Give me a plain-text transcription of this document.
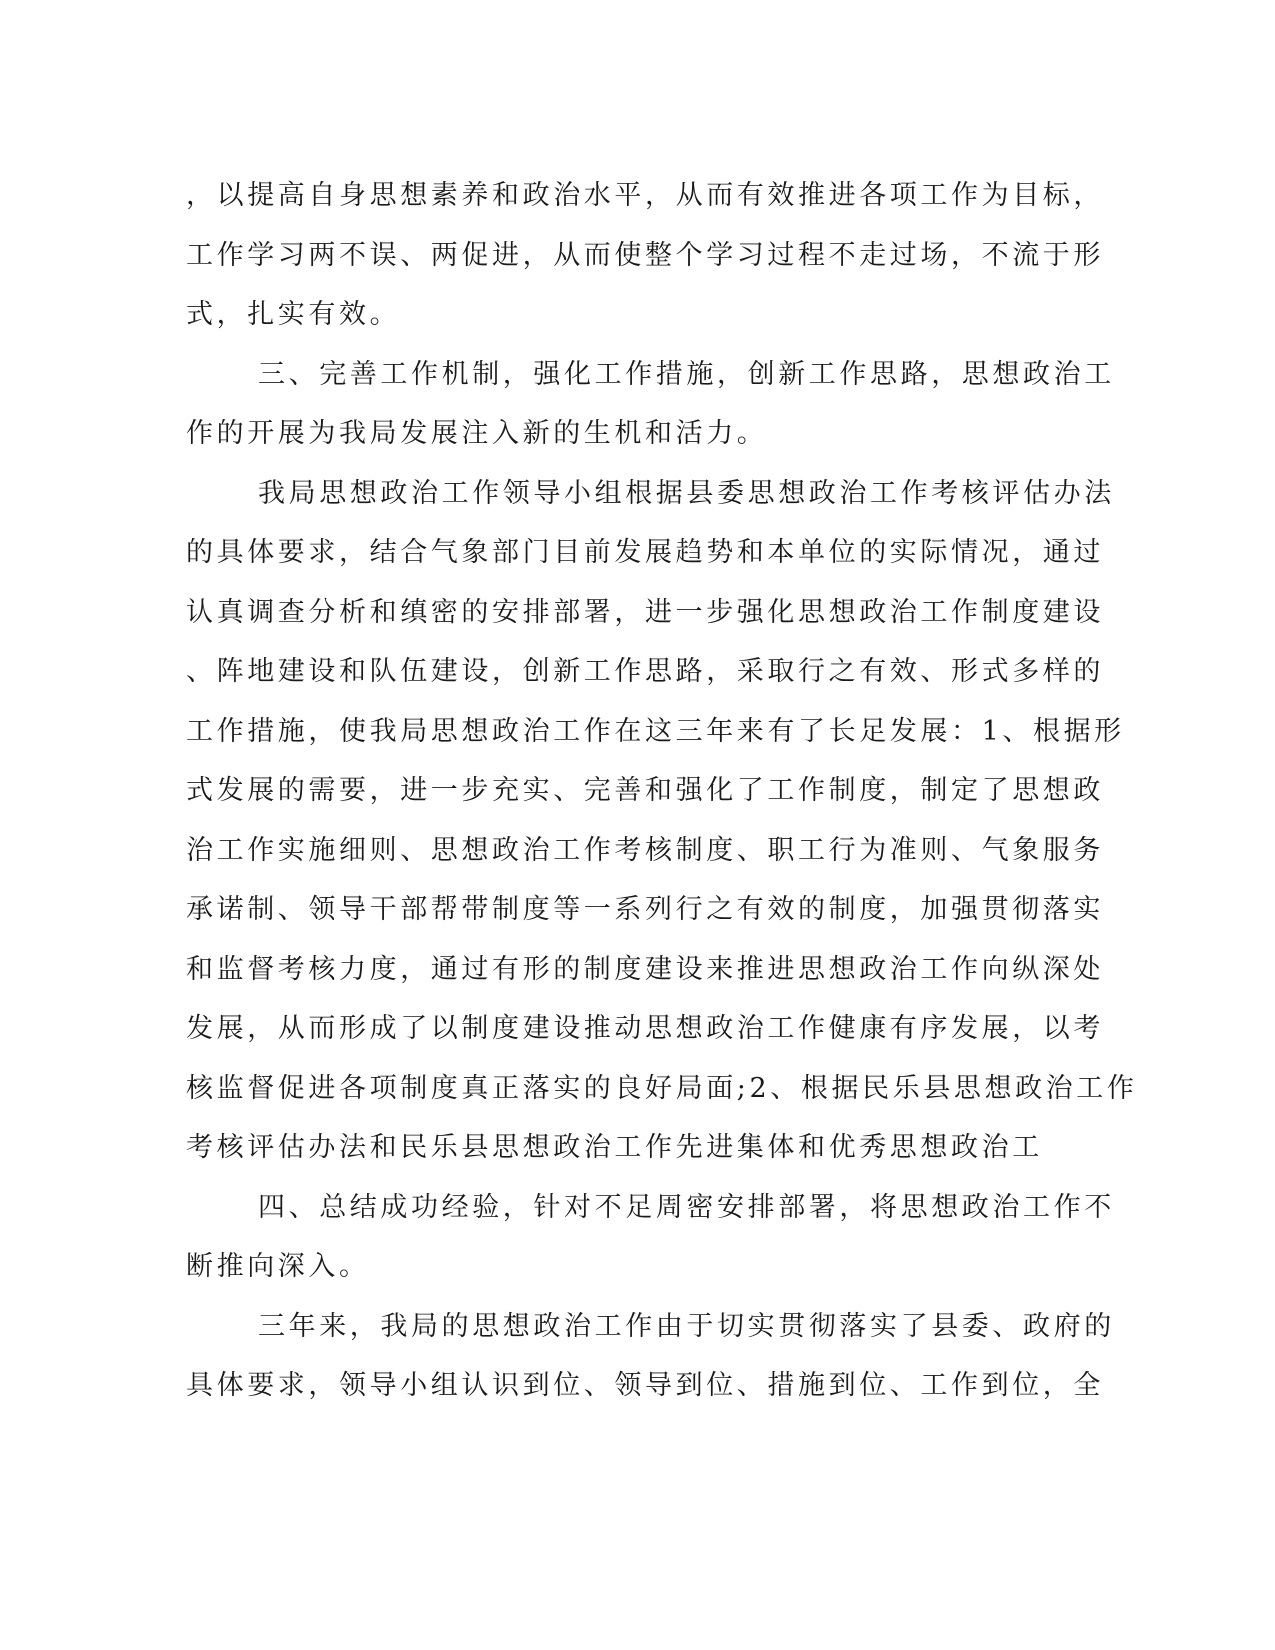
，以提高自身思想素养和政治水平，从而有效推进各项工作为目标，
工作学习两不误、两促进，从而使整个学习过程不走过场，不流于形
式，扎实有效。

三、完善工作机制，强化工作措施，创新工作思路，思想政治工
作的开展为我局发展注入新的生机和活力。

我局思想政治工作领导小组根据县委思想政治工作考核评估办法
的具体要求，结合气象部门目前发展趋势和本单位的实际情况，通过
认真调查分析和缜密的安排部署，进一步强化思想政治工作制度建设
、阵地建设和队伍建设，创新工作思路，采取行之有效、形式多样的
工作措施，使我局思想政治工作在这三年来有了长足发展：1、根据形
式发展的需要，进一步充实、完善和强化了工作制度，制定了思想政
治工作实施细则、思想政治工作考核制度、职工行为准则、气象服务
承诺制、领导干部帮带制度等一系列行之有效的制度，加强贯彻落实
和监督考核力度，通过有形的制度建设来推进思想政治工作向纵深处
发展，从而形成了以制度建设推动思想政治工作健康有序发展，以考
核监督促进各项制度真正落实的良好局面;2、根据民乐县思想政治工作
考核评估办法和民乐县思想政治工作先进集体和优秀思想政治工

四、总结成功经验，针对不足周密安排部署，将思想政治工作不
断推向深入。

三年来，我局的思想政治工作由于切实贯彻落实了县委、政府的
具体要求，领导小组认识到位、领导到位、措施到位、工作到位，全
